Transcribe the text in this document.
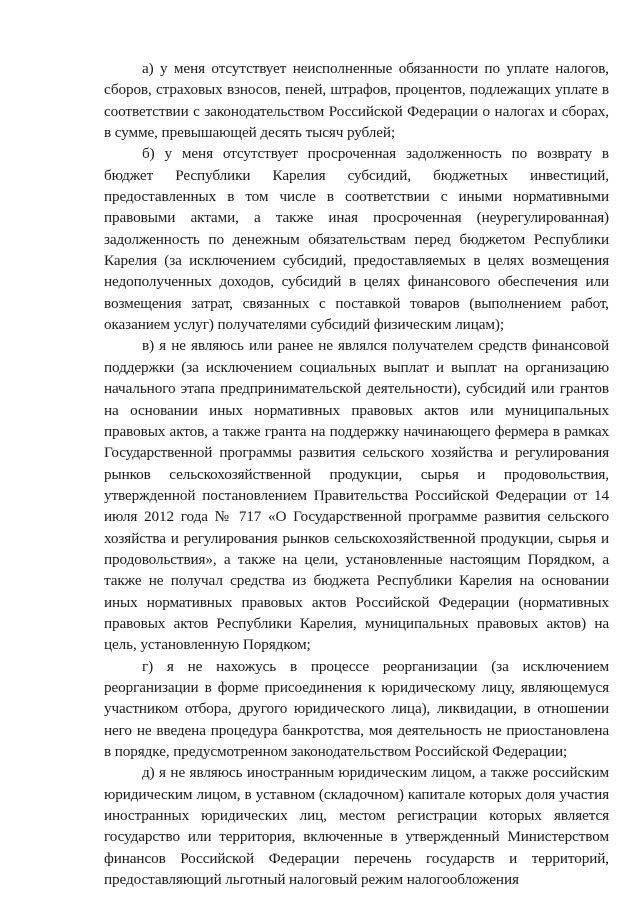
а) у меня отсутствует неисполненные обязанности по уплате налогов, сборов, страховых взносов, пеней, штрафов, процентов, подлежащих уплате в соответствии с законодательством Российской Федерации о налогах и сборах, в сумме, превышающей десять тысяч рублей;

б) у меня отсутствует просроченная задолженность по возврату в бюджет Республики Карелия субсидий, бюджетных инвестиций, предоставленных в том числе в соответствии с иными нормативными правовыми актами, а также иная просроченная (неурегулированная) задолженность по денежным обязательствам перед бюджетом Республики Карелия (за исключением субсидий, предоставляемых в целях возмещения недополученных доходов, субсидий в целях финансового обеспечения или возмещения затрат, связанных с поставкой товаров (выполнением работ, оказанием услуг) получателями субсидий физическим лицам);

в) я не являюсь или ранее не являлся получателем средств финансовой поддержки (за исключением социальных выплат и выплат на организацию начального этапа предпринимательской деятельности), субсидий или грантов на основании иных нормативных правовых актов или муниципальных правовых актов, а также гранта на поддержку начинающего фермера в рамках Государственной программы развития сельского хозяйства и регулирования рынков сельскохозяйственной продукции, сырья и продовольствия, утвержденной постановлением Правительства Российской Федерации от 14 июля 2012 года № 717 «О Государственной программе развития сельского хозяйства и регулирования рынков сельскохозяйственной продукции, сырья и продовольствия», а также на цели, установленные настоящим Порядком, а также не получал средства из бюджета Республики Карелия на основании иных нормативных правовых актов Российской Федерации (нормативных правовых актов Республики Карелия, муниципальных правовых актов) на цель, установленную Порядком;

г) я не нахожусь в процессе реорганизации (за исключением реорганизации в форме присоединения к юридическому лицу, являющемуся участником отбора, другого юридического лица), ликвидации, в отношении него не введена процедура банкротства, моя деятельность не приостановлена в порядке, предусмотренном законодательством Российской Федерации;

д) я не являюсь иностранным юридическим лицом, а также российским юридическим лицом, в уставном (складочном) капитале которых доля участия иностранных юридических лиц, местом регистрации которых является государство или территория, включенные в утвержденный Министерством финансов Российской Федерации перечень государств и территорий, предоставляющий льготный налоговый режим налогообложения
